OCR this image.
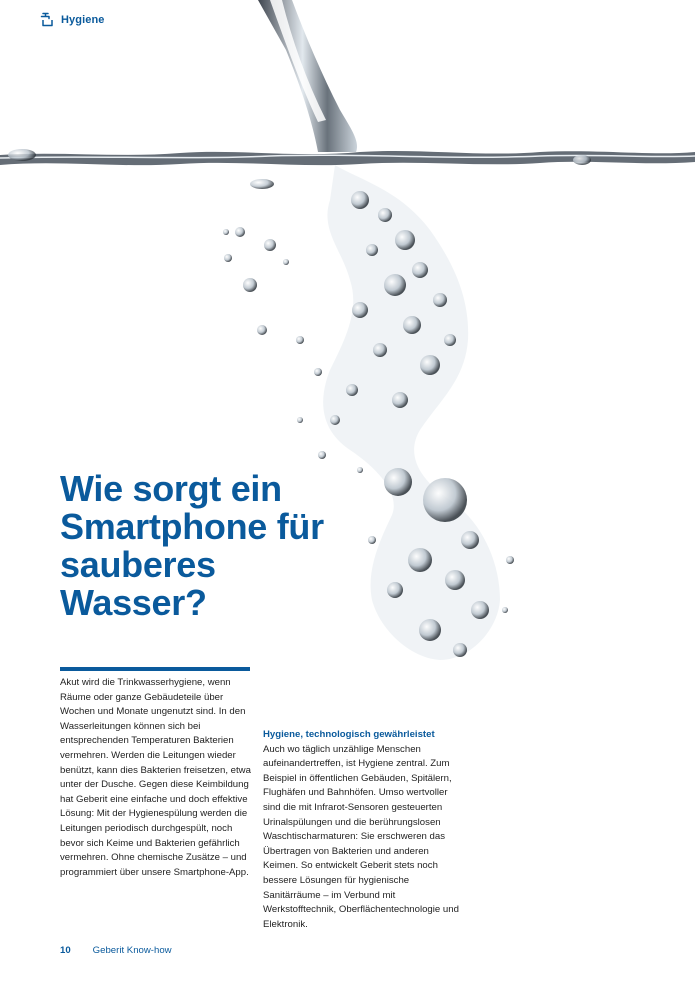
Hygiene
Wie sorgt ein Smartphone für sauberes Wasser?

Akut wird die Trinkwasserhygiene, wenn Räume oder ganze Gebäudeteile über Wochen und Monate ungenutzt sind. In den Wasserleitungen können sich bei entsprechenden Temperaturen Bakterien vermehren. Werden die Leitungen wieder benützt, kann dies Bakterien freisetzen, etwa unter der Dusche. Gegen diese Keimbildung hat Geberit eine einfache und doch effektive Lösung: Mit der Hygienespülung werden die Leitungen periodisch durchgespült, noch bevor sich Keime und Bakterien gefährlich vermehren. Ohne chemische Zusätze – und programmiert über unsere Smartphone-App.

Hygiene, technologisch gewährleistet

Auch wo täglich unzählige Menschen aufeinandertreffen, ist Hygiene zentral. Zum Beispiel in öffentlichen Gebäuden, Spitälern, Flughäfen und Bahnhöfen. Umso wertvoller sind die mit Infrarot-Sensoren gesteuerten Urinalspülungen und die berührungslosen Waschtischarmaturen: Sie erschweren das Übertragen von Bakterien und anderen Keimen. So entwickelt Geberit stets noch bessere Lösungen für hygienische Sanitärräume – im Verbund mit Werkstofftechnik, Oberflächentechnologie und Elektronik.

10 Geberit Know-how
